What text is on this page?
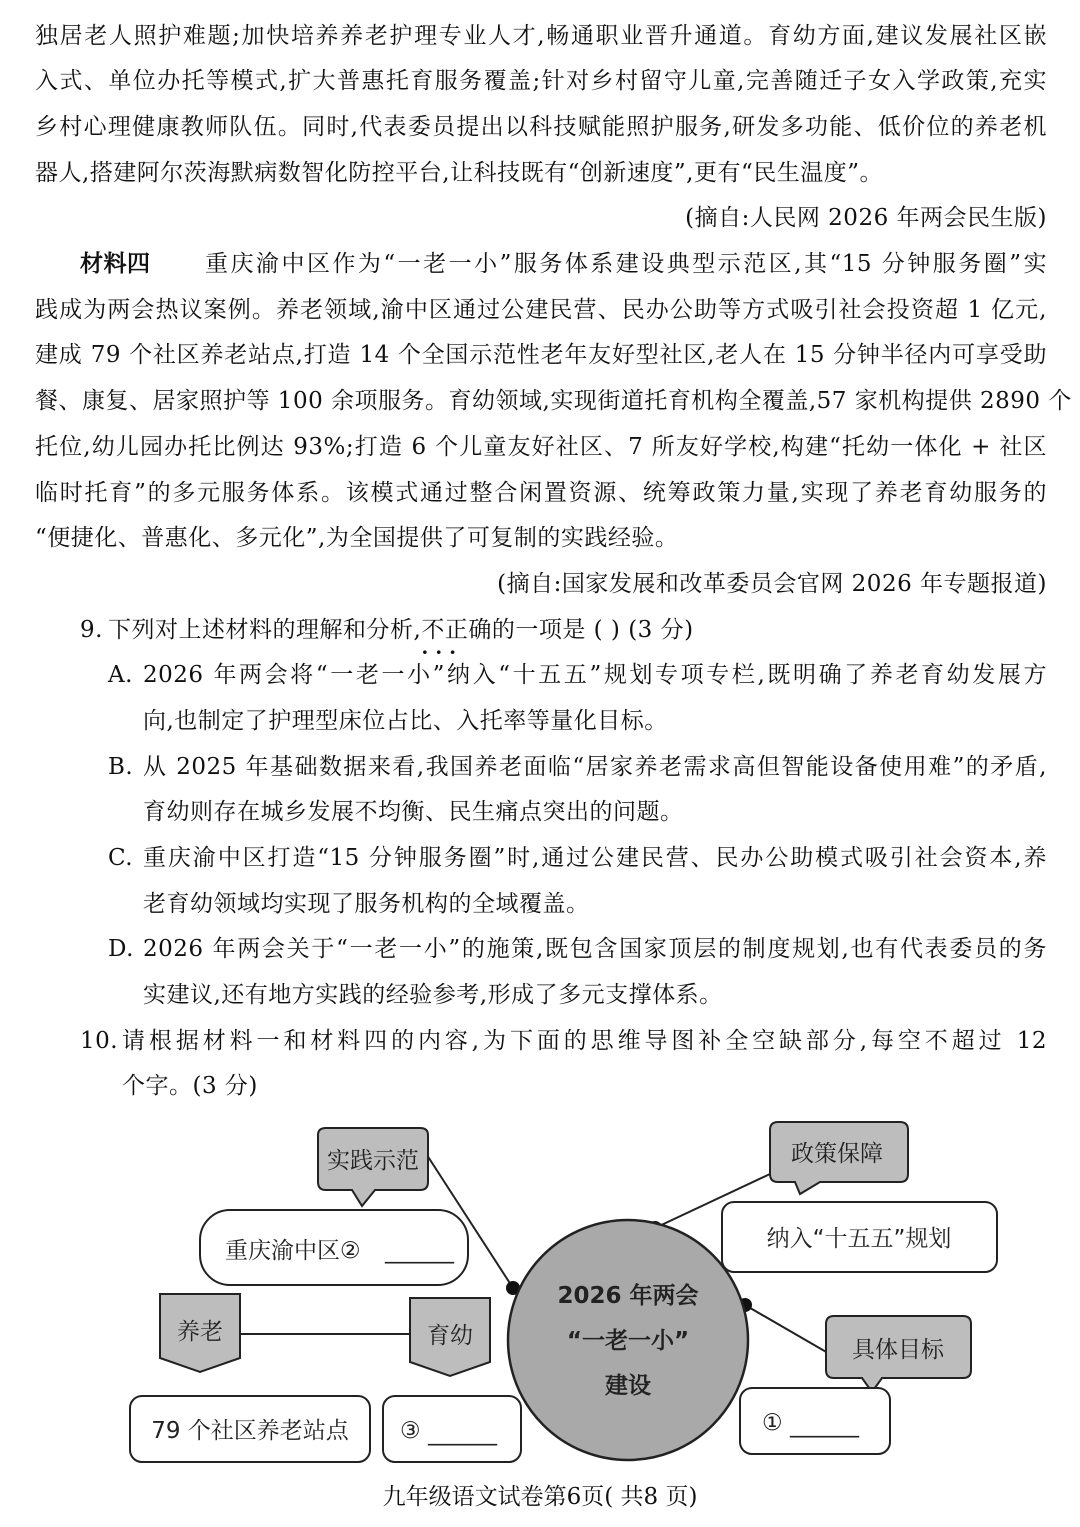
独居老人照护难题;加快培养养老护理专业人才,畅通职业晋升通道。育幼方面,建议发展社区嵌
入式、单位办托等模式,扩大普惠托育服务覆盖;针对乡村留守儿童,完善随迁子女入学政策,充实
乡村心理健康教师队伍。同时,代表委员提出以科技赋能照护服务,研发多功能、低价位的养老机
器人,搭建阿尔茨海默病数智化防控平台,让科技既有“创新速度”,更有“民生温度”。
(摘自:人民网 2026 年两会民生版)
材料四 重庆渝中区作为“一老一小”服务体系建设典型示范区,其“15 分钟服务圈”实
践成为两会热议案例。养老领域,渝中区通过公建民营、民办公助等方式吸引社会投资超 1 亿元,
建成 79 个社区养老站点,打造 14 个全国示范性老年友好型社区,老人在 15 分钟半径内可享受助
餐、康复、居家照护等 100 余项服务。育幼领域,实现街道托育机构全覆盖,57 家机构提供 2890 个
托位,幼儿园办托比例达 93%;打造 6 个儿童友好社区、7 所友好学校,构建“托幼一体化 + 社区
临时托育”的多元服务体系。该模式通过整合闲置资源、统筹政策力量,实现了养老育幼服务的
“便捷化、普惠化、多元化”,为全国提供了可复制的实践经验。
(摘自:国家发展和改革委员会官网 2026 年专题报道)
9. 下列对上述材料的理解和分析,不正确 · · ·的一项是 ( ) (3 分)
A. 2026 年两会将“一老一小”纳入“十五五”规划专项专栏,既明确了养老育幼发展方
向,也制定了护理型床位占比、入托率等量化目标。
B. 从 2025 年基础数据来看,我国养老面临“居家养老需求高但智能设备使用难”的矛盾,
育幼则存在城乡发展不均衡、民生痛点突出的问题。
C. 重庆渝中区打造“15 分钟服务圈”时,通过公建民营、民办公助模式吸引社会资本,养
老育幼领域均实现了服务机构的全域覆盖。
D. 2026 年两会关于“一老一小”的施策,既包含国家顶层的制度规划,也有代表委员的务
实建议,还有地方实践的经验参考,形成了多元支撑体系。
10. 请根据材料一和材料四的内容,为下面的思维导图补全空缺部分,每空不超过 12
个字。(3 分)
2026 年两会
“一老一小”
建设
实践示范
重庆渝中区② ______
养老	育幼
79 个社区养老站点 ③ ______
政策保障
纳入“十五五”规划
具体目标
① ______
九年级语文试卷第6页( 共8 页)
